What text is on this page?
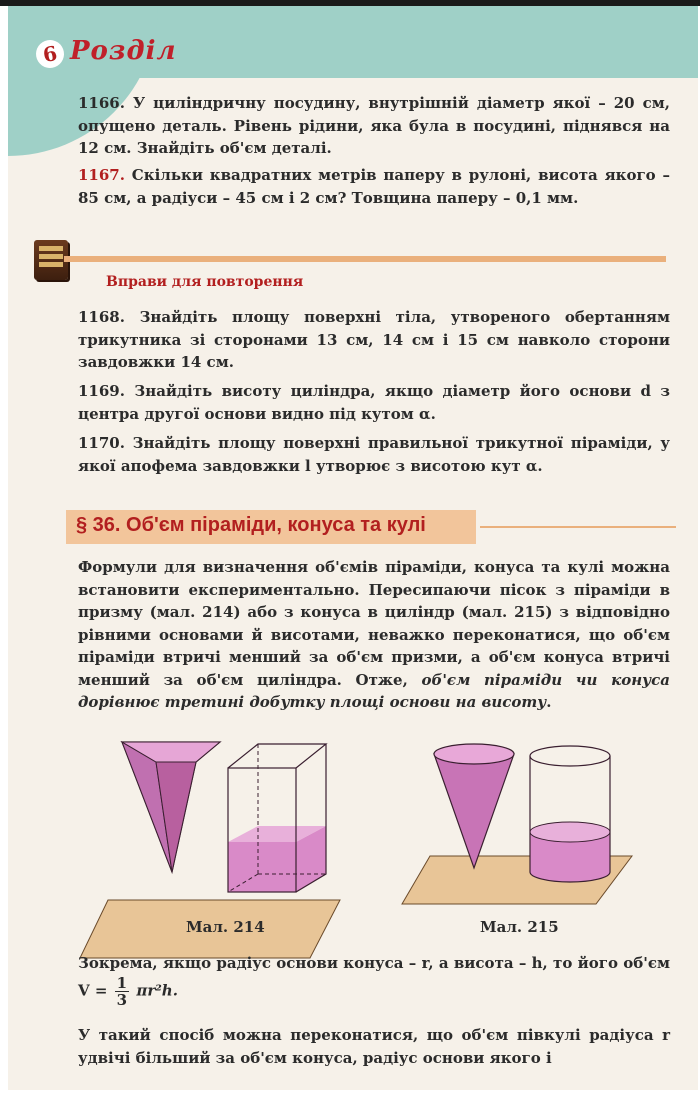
6 Розділ
1166. У циліндричну посудину, внутрішній діаметр якої – 20 см, опущено деталь. Рівень рідини, яка була в посудині, піднявся на 12 см. Знайдіть об'єм деталі.
1167. Скільки квадратних метрів паперу в рулоні, висота якого – 85 см, а радіуси – 45 см і 2 см? Товщина паперу – 0,1 мм.
Вправи для повторення
1168. Знайдіть площу поверхні тіла, утвореного обертанням трикутника зі сторонами 13 см, 14 см і 15 см навколо сторони завдовжки 14 см.
1169. Знайдіть висоту циліндра, якщо діаметр його основи d з центра другої основи видно під кутом α.
1170. Знайдіть площу поверхні правильної трикутної піраміди, у якої апофема завдовжки l утворює з висотою кут α.
§ 36. Об'єм піраміди, конуса та кулі
Формули для визначення об'ємів піраміди, конуса та кулі можна встановити експериментально. Пересипаючи пісок з піраміди в призму (мал. 214) або з конуса в циліндр (мал. 215) з відповідно рівними основами й висотами, неважко переконатися, що об'єм піраміди втричі менший за об'єм призми, а об'єм конуса втричі менший за об'єм циліндра. Отже, об'єм піраміди чи конуса дорівнює третині добутку площі основи на висоту.
Мал. 214	Мал. 215
Зокрема, якщо радіус основи конуса – r, а висота – h, то його об'єм $V = \frac{1}{3} \pi r^2h$.
У такий спосіб можна переконатися, що об'єм півкулі радіуса r удвічі більший за об'єм конуса, радіус основи якого і
